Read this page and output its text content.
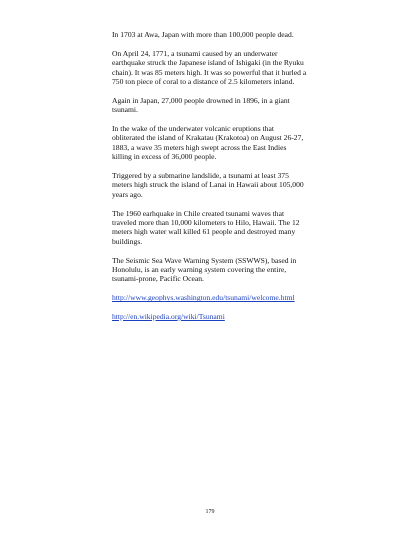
In 1703 at Awa, Japan with more than 100,000 people dead.

On April 24, 1771, a tsunami caused by an underwater earthquake struck the Japanese island of Ishigaki (in the Ryuku chain). It was 85 meters high. It was so powerful that it hurled a 750 ton piece of coral to a distance of 2.5 kilometers inland.

Again in Japan, 27,000 people drowned in 1896, in a giant tsunami.

In the wake of the underwater volcanic eruptions that obliterated the island of Krakatau (Krakotoa) on August 26-27, 1883, a wave 35 meters high swept across the East Indies killing in excess of 36,000 people.

Triggered by a submarine landslide, a tsunami at least 375 meters high struck the island of Lanai in Hawaii about 105,000 years ago.

The 1960 earhquake in Chile created tsunami waves that traveled more than 10,000 kilometers to Hilo, Hawaii. The 12 meters high water wall killed 61 people and destroyed many buildings.

The Seismic Sea Wave Warning System (SSWWS), based in Honolulu, is an early warning system covering the entire, tsunami-prone, Pacific Ocean.

http://www.geophys.washington.edu/tsunami/welcome.html

http://en.wikipedia.org/wiki/Tsunami

179
